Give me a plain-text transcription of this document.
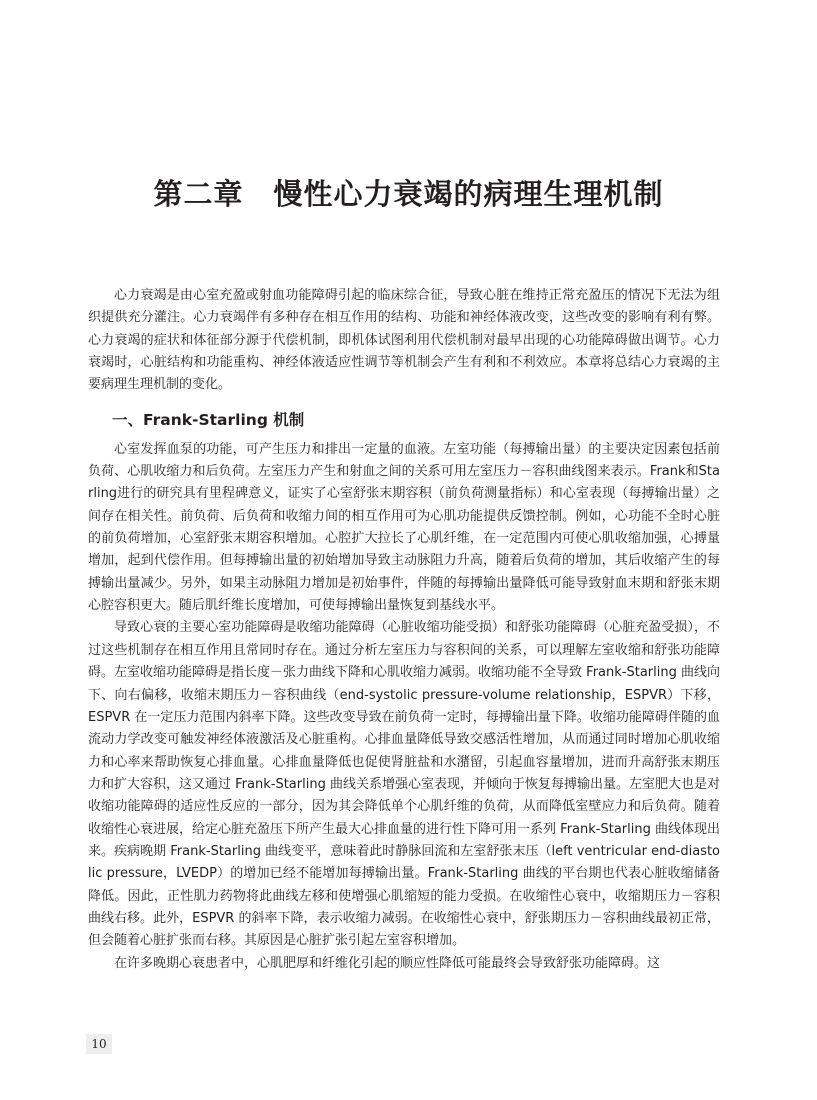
第二章　慢性心力衰竭的病理生理机制

心力衰竭是由心室充盈或射血功能障碍引起的临床综合征，导致心脏在维持正常充盈压的情况下无法为组织提供充分灌注。心力衰竭伴有多种存在相互作用的结构、功能和神经体液改变，这些改变的影响有利有弊。心力衰竭的症状和体征部分源于代偿机制，即机体试图利用代偿机制对最早出现的心功能障碍做出调节。心力衰竭时，心脏结构和功能重构、神经体液适应性调节等机制会产生有利和不利效应。本章将总结心力衰竭的主要病理生理机制的变化。

一、Frank-Starling 机制

心室发挥血泵的功能，可产生压力和排出一定量的血液。左室功能（每搏输出量）的主要决定因素包括前负荷、心肌收缩力和后负荷。左室压力产生和射血之间的关系可用左室压力－容积曲线图来表示。Frank和Starling进行的研究具有里程碑意义，证实了心室舒张末期容积（前负荷测量指标）和心室表现（每搏输出量）之间存在相关性。前负荷、后负荷和收缩力间的相互作用可为心肌功能提供反馈控制。例如，心功能不全时心脏的前负荷增加，心室舒张末期容积增加。心腔扩大拉长了心肌纤维，在一定范围内可使心肌收缩加强，心搏量增加，起到代偿作用。但每搏输出量的初始增加导致主动脉阻力升高，随着后负荷的增加，其后收缩产生的每搏输出量减少。另外，如果主动脉阻力增加是初始事件，伴随的每搏输出量降低可能导致射血末期和舒张末期心腔容积更大。随后肌纤维长度增加，可使每搏输出量恢复到基线水平。

导致心衰的主要心室功能障碍是收缩功能障碍（心脏收缩功能受损）和舒张功能障碍（心脏充盈受损），不过这些机制存在相互作用且常同时存在。通过分析左室压力与容积间的关系，可以理解左室收缩和舒张功能障碍。左室收缩功能障碍是指长度－张力曲线下降和心肌收缩力减弱。收缩功能不全导致 Frank-Starling 曲线向下、向右偏移，收缩末期压力－容积曲线（end-systolic pressure-volume relationship，ESPVR）下移，ESPVR 在一定压力范围内斜率下降。这些改变导致在前负荷一定时，每搏输出量下降。收缩功能障碍伴随的血流动力学改变可触发神经体液激活及心脏重构。心排血量降低导致交感活性增加，从而通过同时增加心肌收缩力和心率来帮助恢复心排血量。心排血量降低也促使肾脏盐和水潴留，引起血容量增加，进而升高舒张末期压力和扩大容积，这又通过 Frank-Starling 曲线关系增强心室表现，并倾向于恢复每搏输出量。左室肥大也是对收缩功能障碍的适应性反应的一部分，因为其会降低单个心肌纤维的负荷，从而降低室壁应力和后负荷。随着收缩性心衰进展，给定心脏充盈压下所产生最大心排血量的进行性下降可用一系列 Frank-Starling 曲线体现出来。疾病晚期 Frank-Starling 曲线变平，意味着此时静脉回流和左室舒张末压（left ventricular end-diastolic pressure，LVEDP）的增加已经不能增加每搏输出量。Frank-Starling 曲线的平台期也代表心脏收缩储备降低。因此，正性肌力药物将此曲线左移和使增强心肌缩短的能力受损。在收缩性心衰中，收缩期压力－容积曲线右移。此外，ESPVR 的斜率下降，表示收缩力减弱。在收缩性心衰中，舒张期压力－容积曲线最初正常，但会随着心脏扩张而右移。其原因是心脏扩张引起左室容积增加。

在许多晚期心衰患者中，心肌肥厚和纤维化引起的顺应性降低可能最终会导致舒张功能障碍。这

10
